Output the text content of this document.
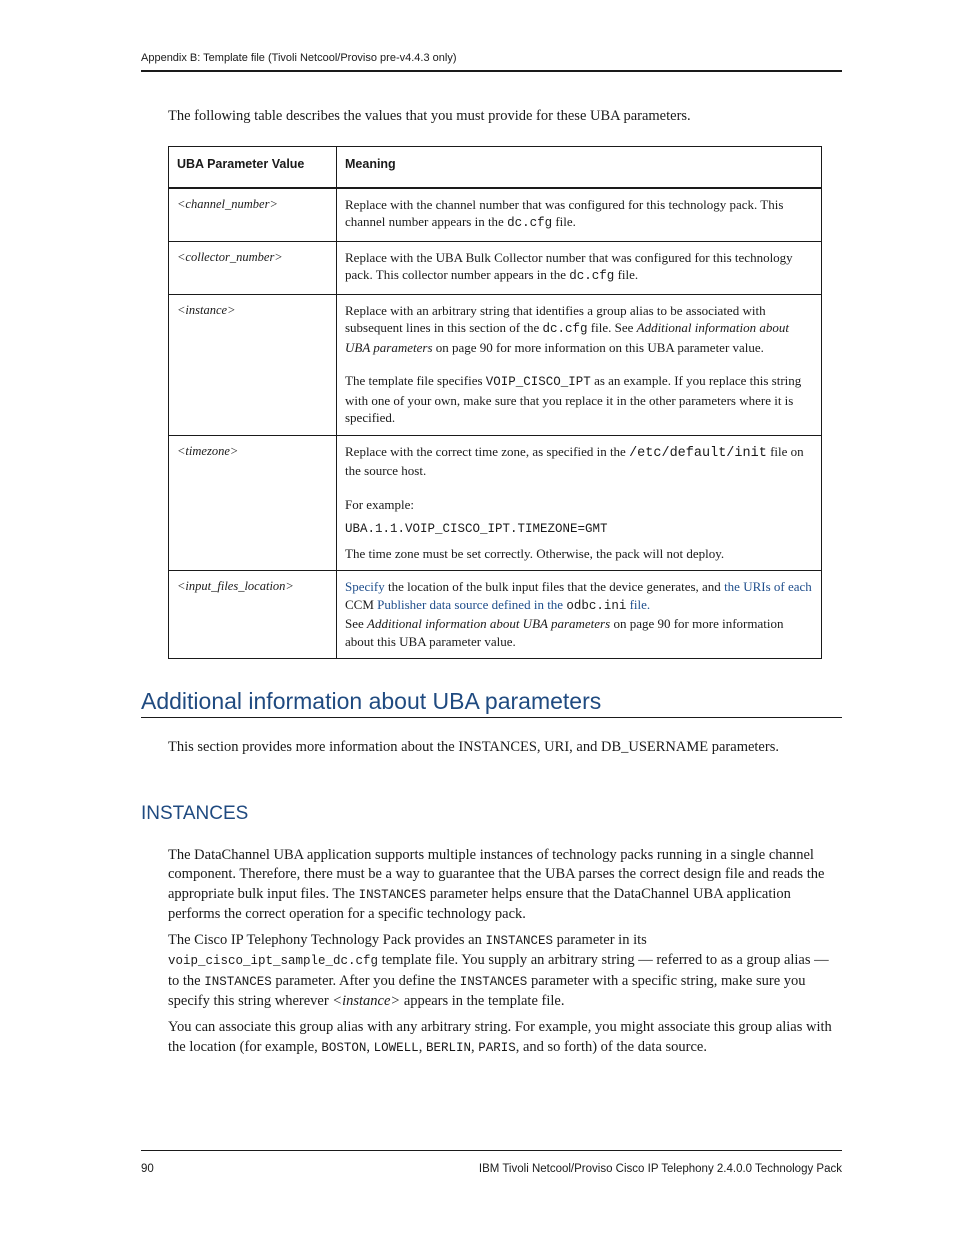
Appendix B: Template file (Tivoli Netcool/Proviso pre-v4.4.3 only)
The following table describes the values that you must provide for these UBA parameters.
UBA Parameter Value	Meaning
<channel_number>	Replace with the channel number that was configured for this technology pack. This channel number appears in the dc.cfg file.

<collector_number>	Replace with the UBA Bulk Collector number that was configured for this technology pack. This collector number appears in the dc.cfg file.

<instance>	Replace with an arbitrary string that identifies a group alias to be associated with subsequent lines in this section of the dc.cfg file. See Additional information about UBA parameters on page 90 for more information on this UBA parameter value.

The template file specifies VOIP_CISCO_IPT as an example. If you replace this string with one of your own, make sure that you replace it in the other parameters where it is specified.

<timezone>	Replace with the correct time zone, as specified in the /etc/default/init file on the source host.

For example:

UBA.1.1.VOIP_CISCO_IPT.TIMEZONE=GMT

The time zone must be set correctly. Otherwise, the pack will not deploy.

<input_files_location>	Specify the location of the bulk input files that the device generates, and the URIs of each CCM Publisher data source defined in the odbc.ini file.

See Additional information about UBA parameters on page 90 for more information about this UBA parameter value.

Additional information about UBA parameters
This section provides more information about the INSTANCES, URI, and DB_USERNAME parameters.
INSTANCES

The DataChannel UBA application supports multiple instances of technology packs running in a single channel component. Therefore, there must be a way to guarantee that the UBA parses the correct design file and reads the appropriate bulk input files. The INSTANCES parameter helps ensure that the DataChannel UBA application performs the correct operation for a specific technology pack.

The Cisco IP Telephony Technology Pack provides an INSTANCES parameter in its voip_cisco_ipt_sample_dc.cfg template file. You supply an arbitrary string — referred to as a group alias — to the INSTANCES parameter. After you define the INSTANCES parameter with a specific string, make sure you specify this string wherever <instance> appears in the template file.

You can associate this group alias with any arbitrary string. For example, you might associate this group alias with the location (for example, BOSTON, LOWELL, BERLIN, PARIS, and so forth) of the data source.

90	IBM Tivoli Netcool/Proviso Cisco IP Telephony 2.4.0.0 Technology Pack
